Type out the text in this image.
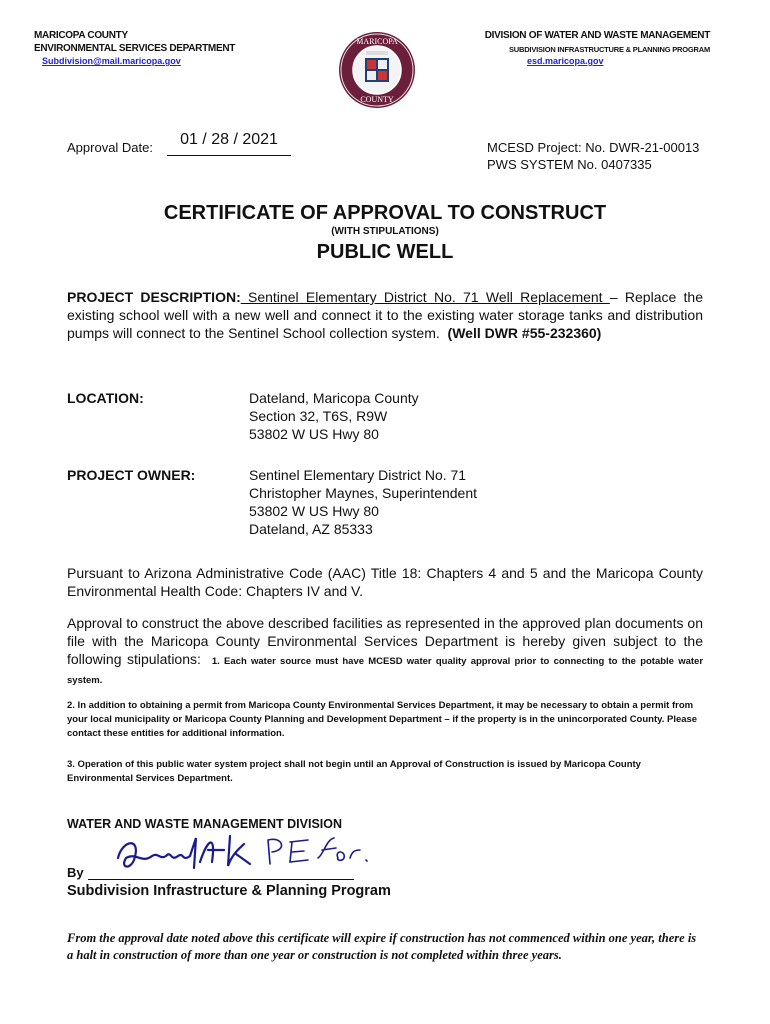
MARICOPA COUNTY
ENVIRONMENTAL SERVICES DEPARTMENT
Subdivision@mail.maricopa.gov
MARICOPA
COUNTY
DIVISION OF WATER AND WASTE MANAGEMENT
SUBDIVISION INFRASTRUCTURE & PLANNING PROGRAM
esd.maricopa.gov
Approval Date:	01 / 28 / 2021	MCESD Project: No. DWR-21-00013
PWS SYSTEM No. 0407335
CERTIFICATE OF APPROVAL TO CONSTRUCT
(WITH STIPULATIONS)
PUBLIC WELL
PROJECT DESCRIPTION: Sentinel Elementary District No. 71 Well Replacement – Replace the existing school well with a new well and connect it to the existing water storage tanks and distribution pumps will connect to the Sentinel School collection system. (Well DWR #55-232360)
LOCATION:	Dateland, Maricopa County
Section 32, T6S, R9W
53802 W US Hwy 80
PROJECT OWNER:	Sentinel Elementary District No. 71
Christopher Maynes, Superintendent
53802 W US Hwy 80
Dateland, AZ 85333
Pursuant to Arizona Administrative Code (AAC) Title 18: Chapters 4 and 5 and the Maricopa County Environmental Health Code: Chapters IV and V.
Approval to construct the above described facilities as represented in the approved plan documents on file with the Maricopa County Environmental Services Department is hereby given subject to the following stipulations: 1. Each water source must have MCESD water quality approval prior to connecting to the potable water system.
2. In addition to obtaining a permit from Maricopa County Environmental Services Department, it may be necessary to obtain a permit from your local municipality or Maricopa County Planning and Development Department – if the property is in the unincorporated County. Please contact these entities for additional information.
3. Operation of this public water system project shall not begin until an Approval of Construction is issued by Maricopa County Environmental Services Department.
WATER AND WASTE MANAGEMENT DIVISION
Lalan A Hk PE for.
By
Subdivision Infrastructure & Planning Program
From the approval date noted above this certificate will expire if construction has not commenced within one year, there is a halt in construction of more than one year or construction is not completed within three years.
